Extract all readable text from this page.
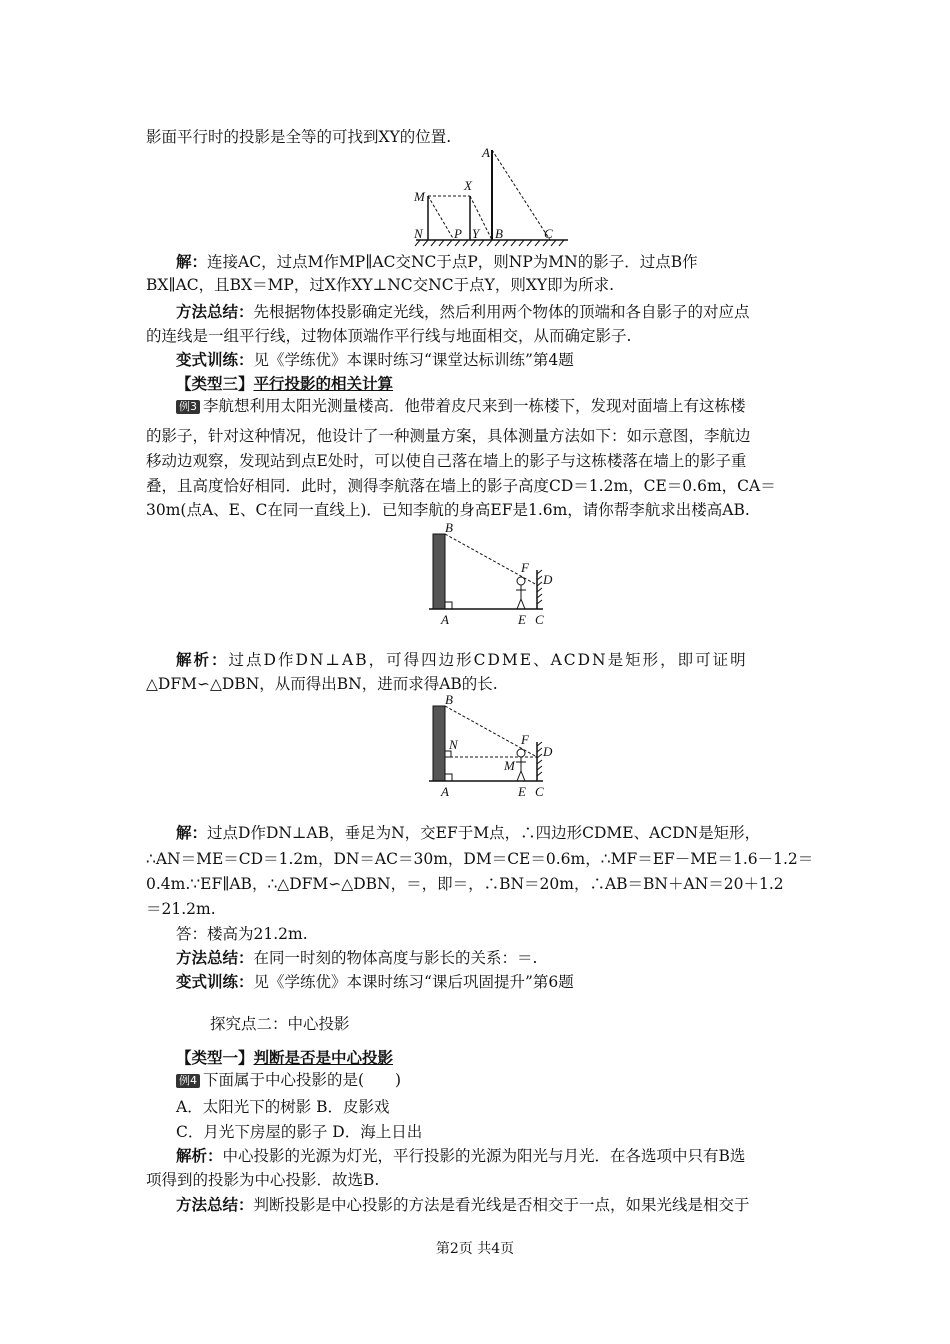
影面平行时的投影是全等的可找到XY的位置.
A
X
M
N P Y B	C
解：连接AC，过点M作MP∥AC交NC于点P，则NP为MN的影子．过点B作
BX∥AC，且BX＝MP，过X作XY⊥NC交NC于点Y，则XY即为所求.
方法总结：先根据物体投影确定光线，然后利用两个物体的顶端和各自影子的对应点
的连线是一组平行线，过物体顶端作平行线与地面相交，从而确定影子.
变式训练：见《学练优》本课时练习“课堂达标训练”第4题
【类型三】平行投影的相关计算
例3 李航想利用太阳光测量楼高．他带着皮尺来到一栋楼下，发现对面墙上有这栋楼
的影子，针对这种情况，他设计了一种测量方案，具体测量方法如下：如示意图，李航边
移动边观察，发现站到点E处时，可以使自己落在墙上的影子与这栋楼落在墙上的影子重
叠，且高度恰好相同．此时，测得李航落在墙上的影子高度CD＝1.2m，CE＝0.6m，CA＝
30m(点A、E、C在同一直线上)．已知李航的身高EF是1.6m，请你帮李航求出楼高AB.
B
F
D
A	E C
解析：过点D作DN⊥AB，可得四边形CDME、ACDN是矩形，即可证明
△DFM∽△DBN，从而得出BN，进而求得AB的长.
B
N	F
D
M
A	E C
解：过点D作DN⊥AB，垂足为N，交EF于M点，∴四边形CDME、ACDN是矩形，
∴AN＝ME＝CD＝1.2m，DN＝AC＝30m，DM＝CE＝0.6m，∴MF＝EF－ME＝1.6－1.2＝
0.4m.∵EF∥AB，∴△DFM∽△DBN，＝，即＝，∴BN＝20m，∴AB＝BN＋AN＝20＋1.2
＝21.2m.
答：楼高为21.2m.
方法总结：在同一时刻的物体高度与影长的关系：＝.
变式训练：见《学练优》本课时练习“课后巩固提升”第6题
探究点二：中心投影
【类型一】判断是否是中心投影
例4 下面属于中心投影的是(　　)
A．太阳光下的树影 B．皮影戏
C．月光下房屋的影子 D．海上日出
解析：中心投影的光源为灯光，平行投影的光源为阳光与月光．在各选项中只有B选
项得到的投影为中心投影．故选B.
方法总结：判断投影是中心投影的方法是看光线是否相交于一点，如果光线是相交于
第2页 共4页
